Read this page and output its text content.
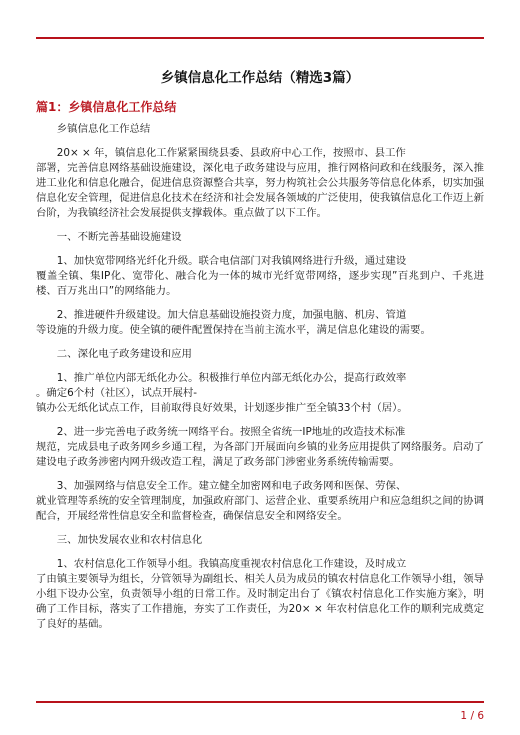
乡镇信息化工作总结（精选3篇）
篇1：乡镇信息化工作总结
乡镇信息化工作总结
20× × 年，镇信息化工作紧紧围绕县委、县政府中心工作，按照市、县工作
部署，完善信息网络基础设施建设，深化电子政务建设与应用，推行网格问政和在线服务，深入推进工业化和信息化融合，促进信息资源整合共享，努力构筑社会公共服务等信息化体系，切实加强信息化安全管理，促进信息化技术在经济和社会发展各领域的广泛使用，使我镇信息化工作迈上新台阶，为我镇经济社会发展提供支撑载体。重点做了以下工作。
一、不断完善基础设施建设
1、加快宽带网络光纤化升级。联合电信部门对我镇网络进行升级，通过建设
覆盖全镇、集IP化、宽带化、融合化为一体的城市光纤宽带网络，逐步实现”百兆到户、千兆进楼、百万兆出口”的网络能力。
2、推进硬件升级建设。加大信息基础设施投资力度，加强电脑、机房、管道
等设施的升级力度。使全镇的硬件配置保持在当前主流水平，满足信息化建设的需要。
二、深化电子政务建设和应用
1、推广单位内部无纸化办公。积极推行单位内部无纸化办公，提高行政效率
。确定6个村（社区），试点开展村-
镇办公无纸化试点工作，目前取得良好效果，计划逐步推广至全镇33个村（居）。
2、进一步完善电子政务统一网络平台。按照全省统一IP地址的改造技术标准
规范，完成县电子政务网乡乡通工程，为各部门开展面向乡镇的业务应用提供了网络服务。启动了建设电子政务涉密内网升级改造工程，满足了政务部门涉密业务系统传输需要。
3、加强网络与信息安全工作。建立健全加密网和电子政务网和医保、劳保、
就业管理等系统的安全管理制度，加强政府部门、运营企业、重要系统用户和应急组织之间的协调配合，开展经常性信息安全和监督检查，确保信息安全和网络安全。
三、加快发展农业和农村信息化
1、农村信息化工作领导小组。我镇高度重视农村信息化工作建设，及时成立
了由镇主要领导为组长，分管领导为副组长、相关人员为成员的镇农村信息化工作领导小组，领导小组下设办公室，负责领导小组的日常工作。及时制定出台了《镇农村信息化工作实施方案》，明确了工作目标，落实了工作措施，夯实了工作责任，为20× × 年农村信息化工作的顺利完成奠定了良好的基础。
1 / 6
